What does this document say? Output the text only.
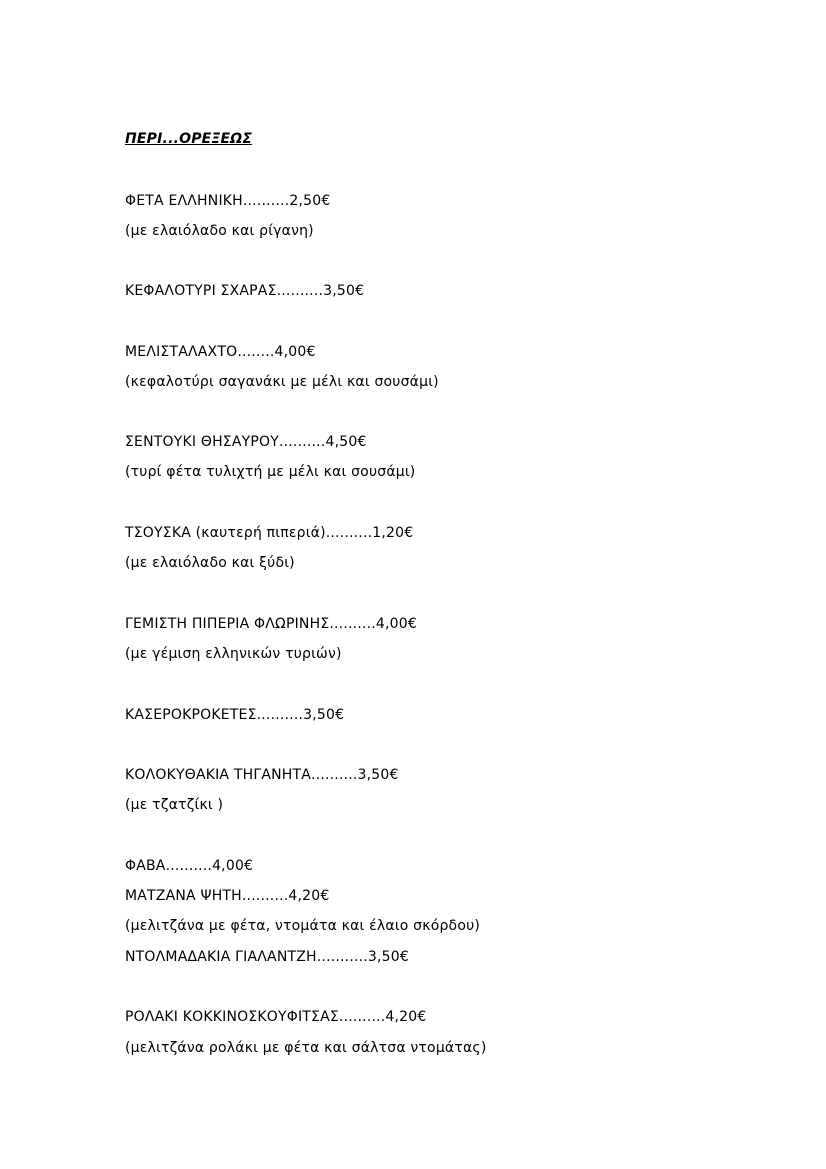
ΠΕΡΙ...ΟΡΕΞΕΩΣ
ΦΕΤΑ ΕΛΛΗΝΙΚΗ..........2,50€
(με ελαιόλαδο και ρίγανη)
ΚΕΦΑΛΟΤΥΡΙ ΣΧΑΡΑΣ..........3,50€
ΜΕΛΙΣΤΑΛΑΧΤΟ........4,00€
(κεφαλοτύρι σαγανάκι με μέλι και σουσάμι)
ΣΕΝΤΟΥΚΙ ΘΗΣΑΥΡΟΥ..........4,50€
(τυρί φέτα τυλιχτή με μέλι και σουσάμι)
ΤΣΟΥΣΚΑ (καυτερή πιπεριά)..........1,20€
(με ελαιόλαδο και ξύδι)
ΓΕΜΙΣΤΗ ΠΙΠΕΡΙΑ ΦΛΩΡΙΝΗΣ..........4,00€
(με γέμιση ελληνικών τυριών)
ΚΑΣΕΡΟΚΡΟΚΕΤΕΣ..........3,50€
ΚΟΛΟΚΥΘΑΚΙΑ ΤΗΓΑΝΗΤΑ..........3,50€
(με τζατζίκι )
ΦΑΒΑ..........4,00€
ΜΑΤΖΑΝΑ ΨΗΤΗ..........4,20€
(μελιτζάνα με φέτα, ντομάτα και έλαιο σκόρδου)
ΝΤΟΛΜΑΔΑΚΙΑ ΓΙΑΛΑΝΤΖΗ...........3,50€
ΡΟΛΑΚΙ ΚΟΚΚΙΝΟΣΚΟΥΦΙΤΣΑΣ..........4,20€
(μελιτζάνα ρολάκι με φέτα και σάλτσα ντομάτας)
